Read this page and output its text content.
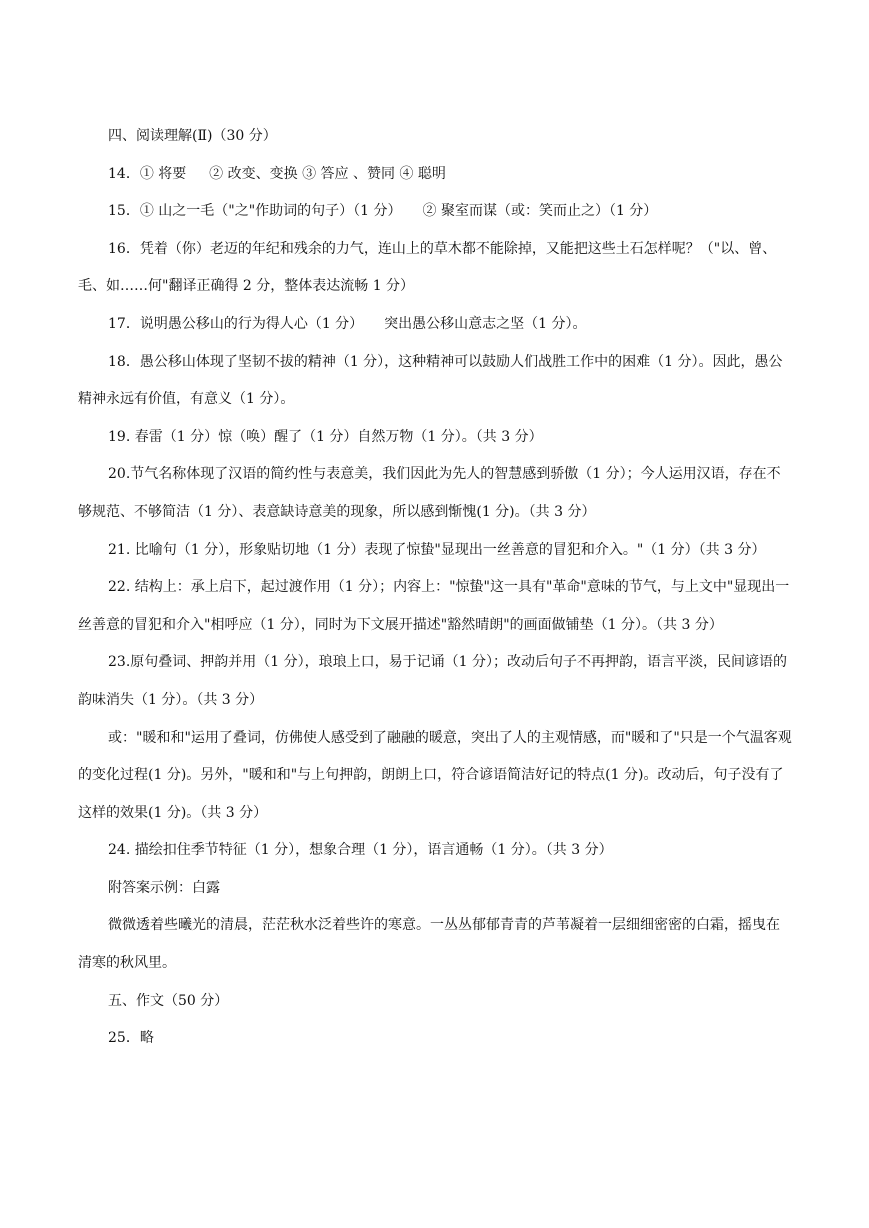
四、阅读理解(Ⅱ)（30 分）

14．① 将要 　 ② 改变、变换 ③ 答应 、赞同 ④ 聪明

15．① 山之一毛（"之"作助词的句子）（1 分）　　② 聚室而谋（或：笑而止之）（1 分）

16．凭着（你）老迈的年纪和残余的力气，连山上的草木都不能除掉，又能把这些土石怎样呢？（"以、曾、毛、如……何"翻译正确得 2 分，整体表达流畅 1 分）

17．说明愚公移山的行为得人心（1 分）　　突出愚公移山意志之坚（1 分）。

18．愚公移山体现了坚韧不拔的精神（1 分），这种精神可以鼓励人们战胜工作中的困难（1 分）。因此，愚公精神永远有价值，有意义（1 分）。

19. 春雷（1 分）惊（唤）醒了（1 分）自然万物（1 分）。（共 3 分）

20.节气名称体现了汉语的简约性与表意美，我们因此为先人的智慧感到骄傲（1 分）；今人运用汉语，存在不够规范、不够简洁（1 分）、表意缺诗意美的现象，所以感到惭愧(1 分)。（共 3 分）

21. 比喻句（1 分），形象贴切地（1 分）表现了惊蛰"显现出一丝善意的冒犯和介入。"（1 分）（共 3 分）

22. 结构上：承上启下，起过渡作用（1 分）；内容上："惊蛰"这一具有"革命"意味的节气，与上文中"显现出一丝善意的冒犯和介入"相呼应（1 分），同时为下文展开描述"豁然晴朗"的画面做铺垫（1 分）。（共 3 分）

23.原句叠词、押韵并用（1 分），琅琅上口，易于记诵（1 分）；改动后句子不再押韵，语言平淡，民间谚语的韵味消失（1 分）。（共 3 分）

或："暖和和"运用了叠词，仿佛使人感受到了融融的暖意，突出了人的主观情感，而"暖和了"只是一个气温客观的变化过程(1 分)。另外，"暖和和"与上句押韵，朗朗上口，符合谚语简洁好记的特点(1 分)。改动后，句子没有了这样的效果(1 分)。（共 3 分）

24. 描绘扣住季节特征（1 分），想象合理（1 分），语言通畅（1 分）。（共 3 分）

附答案示例：白露

微微透着些曦光的清晨，茫茫秋水泛着些许的寒意。一丛丛郁郁青青的芦苇凝着一层细细密密的白霜，摇曳在清寒的秋风里。

五、作文（50 分）

25．略
